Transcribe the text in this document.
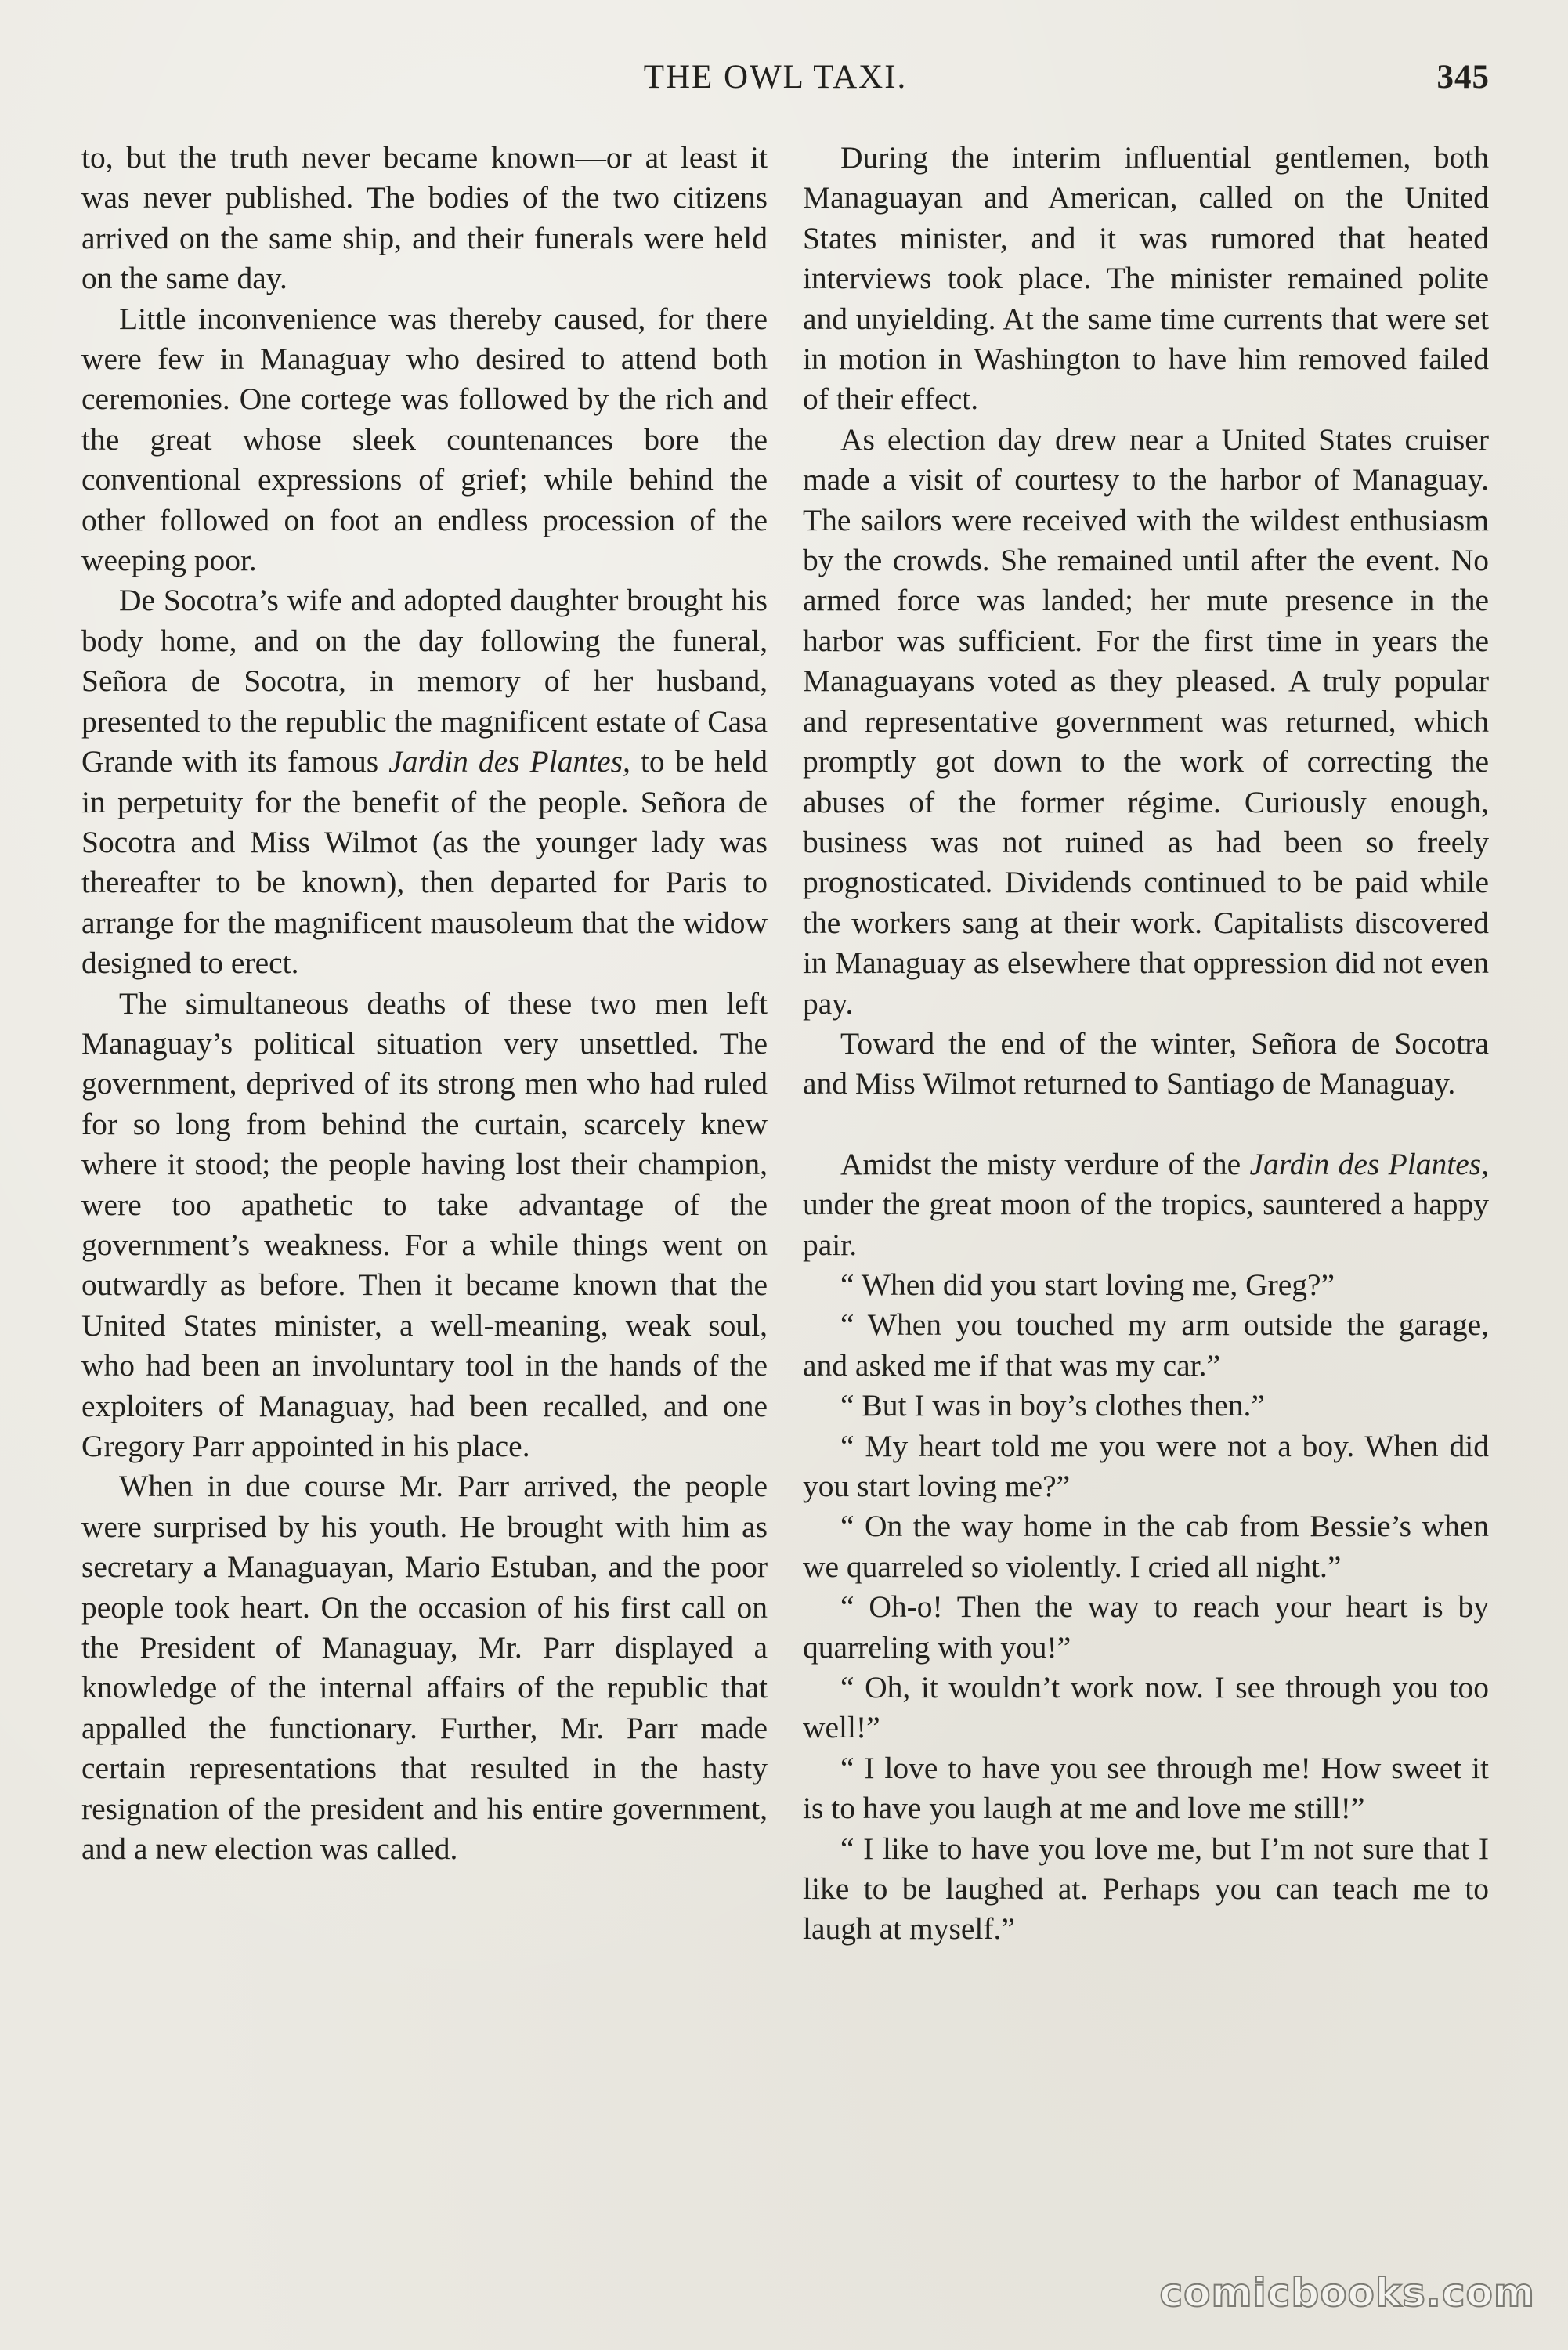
THE OWL TAXI.	345

to, but the truth never became known—or at least it was never published. The bodies of the two citizens arrived on the same ship, and their funerals were held on the same day.

Little inconvenience was thereby caused, for there were few in Managuay who desired to attend both ceremonies. One cortege was followed by the rich and the great whose sleek countenances bore the conventional expressions of grief; while behind the other followed on foot an endless procession of the weeping poor.

De Socotra’s wife and adopted daughter brought his body home, and on the day following the funeral, Señora de Socotra, in memory of her husband, presented to the republic the magnificent estate of Casa Grande with its famous Jardin des Plantes, to be held in perpetuity for the benefit of the people. Señora de Socotra and Miss Wilmot (as the younger lady was thereafter to be known), then departed for Paris to arrange for the magnificent mausoleum that the widow designed to erect.

The simultaneous deaths of these two men left Managuay’s political situation very unsettled. The government, deprived of its strong men who had ruled for so long from behind the curtain, scarcely knew where it stood; the people having lost their champion, were too apathetic to take advantage of the government’s weakness. For a while things went on outwardly as before. Then it became known that the United States minister, a well-meaning, weak soul, who had been an involuntary tool in the hands of the exploiters of Managuay, had been recalled, and one Gregory Parr appointed in his place.

When in due course Mr. Parr arrived, the people were surprised by his youth. He brought with him as secretary a Managuayan, Mario Estuban, and the poor people took heart. On the occasion of his first call on the President of Managuay, Mr. Parr displayed a knowledge of the internal affairs of the republic that appalled the functionary. Further, Mr. Parr made certain representations that resulted in the hasty resignation of the president and his entire government, and a new election was called.

During the interim influential gentlemen, both Managuayan and American, called on the United States minister, and it was rumored that heated interviews took place. The minister remained polite and unyielding. At the same time currents that were set in motion in Washington to have him removed failed of their effect.

As election day drew near a United States cruiser made a visit of courtesy to the harbor of Managuay. The sailors were received with the wildest enthusiasm by the crowds. She remained until after the event. No armed force was landed; her mute presence in the harbor was sufficient. For the first time in years the Managuayans voted as they pleased. A truly popular and representative government was returned, which promptly got down to the work of correcting the abuses of the former régime. Curiously enough, business was not ruined as had been so freely prognosticated. Dividends continued to be paid while the workers sang at their work. Capitalists discovered in Managuay as elsewhere that oppression did not even pay.

Toward the end of the winter, Señora de Socotra and Miss Wilmot returned to Santiago de Managuay.

Amidst the misty verdure of the Jardin des Plantes, under the great moon of the tropics, sauntered a happy pair.

“ When did you start loving me, Greg?”

“ When you touched my arm outside the garage, and asked me if that was my car.”

“ But I was in boy’s clothes then.”

“ My heart told me you were not a boy. When did you start loving me?”

“ On the way home in the cab from Bessie’s when we quarreled so violently. I cried all night.”

“ Oh-o! Then the way to reach your heart is by quarreling with you!”

“ Oh, it wouldn’t work now. I see through you too well!”

“ I love to have you see through me! How sweet it is to have you laugh at me and love me still!”

“ I like to have you love me, but I’m not sure that I like to be laughed at. Perhaps you can teach me to laugh at myself.”

comicbooks.com
